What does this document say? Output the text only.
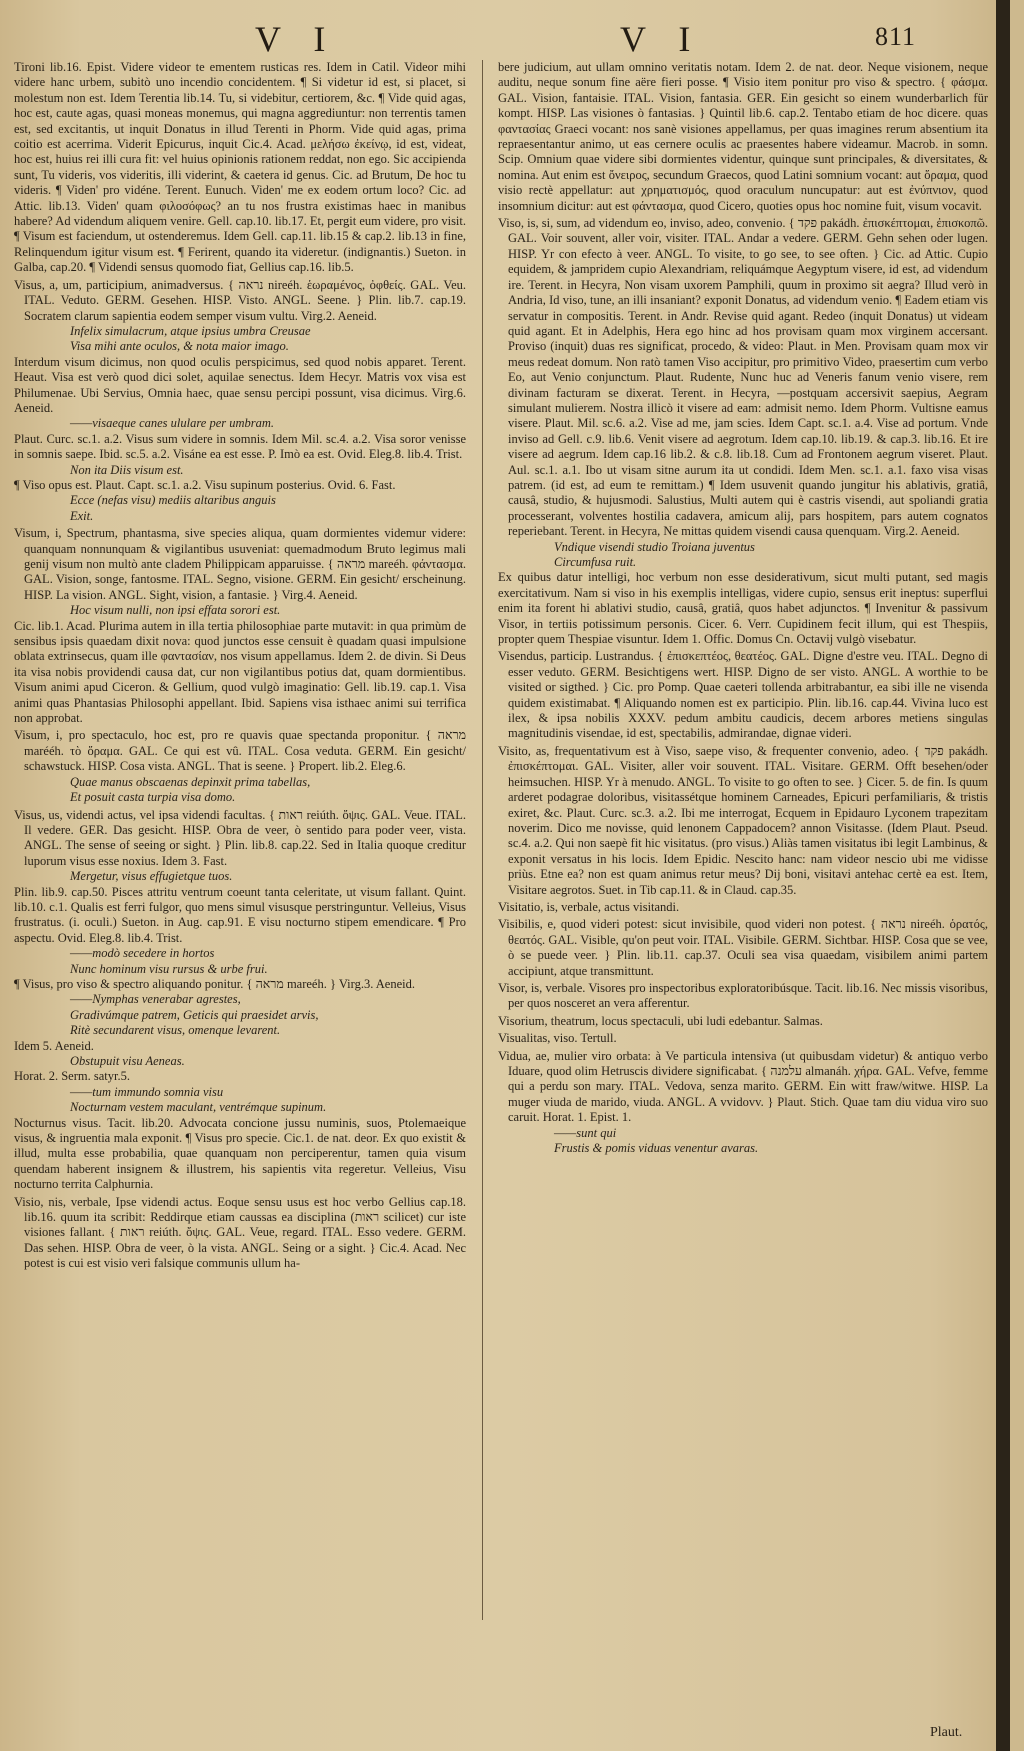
V I	V I	811

Tironi lib.16. Epist. Videre videor te ementem rusticas res. Idem in Catil. Videor mihi videre hanc urbem, subitò uno incendio concidentem. ¶ Si videtur id est, si placet, si molestum non est. Idem Terentia lib.14. Tu, si videbitur, certiorem, &c. ¶ Vide quid agas, hoc est, caute agas, quasi moneas monemus, qui magna aggrediuntur: non terrentis tamen est, sed excitantis, ut inquit Donatus in illud Terenti in Phorm. Vide quid agas, prima coitio est acerrima. Viderit Epicurus, inquit Cic.4. Acad. μελήσω ἐκείνῳ, id est, videat, hoc est, huius rei illi cura fit: vel huius opinionis rationem reddat, non ego. Sic accipienda sunt, Tu videris, vos videritis, illi viderint, & caetera id genus. Cic. ad Brutum, De hoc tu videris. ¶ Viden' pro vidéne. Terent. Eunuch. Viden' me ex eodem ortum loco? Cic. ad Attic. lib.13. Viden' quam φιλοσόφως? an tu nos frustra existimas haec in manibus habere? Ad videndum aliquem venire. Gell. cap.10. lib.17. Et, pergit eum videre, pro visit. ¶ Visum est faciendum, ut ostenderemus. Idem Gell. cap.11. lib.15 & cap.2. lib.13 in fine, Relinquendum igitur visum est. ¶ Ferirent, quando ita videretur. (indignantis.) Sueton. in Galba, cap.20. ¶ Videndi sensus quomodo fiat, Gellius cap.16. lib.5.

Visus, a, um, participium, animadversus. { נראה nireéh. ἑωραμένος, ὀφθείς. GAL. Veu. ITAL. Veduto. GERM. Gesehen. HISP. Visto. ANGL. Seene. } Plin. lib.7. cap.19. Socratem clarum sapientia eodem semper visum vultu. Virg.2. Aeneid.

Infelix simulacrum, atque ipsius umbra Creusae

Visa mihi ante oculos, & nota maior imago.

Interdum visum dicimus, non quod oculis perspicimus, sed quod nobis apparet. Terent. Heaut. Visa est verò quod dici solet, aquilae senectus. Idem Hecyr. Matris vox visa est Philumenae. Ubi Servius, Omnia haec, quae sensu percipi possunt, visa dicimus. Virg.6. Aeneid.

——visaeque canes ululare per umbram.

Plaut. Curc. sc.1. a.2. Visus sum videre in somnis. Idem Mil. sc.4. a.2. Visa soror venisse in somnis saepe. Ibid. sc.5. a.2. Visáne ea est esse. P. Imò ea est. Ovid. Eleg.8. lib.4. Trist.

Non ita Diis visum est.

¶ Viso opus est. Plaut. Capt. sc.1. a.2. Visu supinum posterius. Ovid. 6. Fast.

Ecce (nefas visu) mediis altaribus anguis

Exit.

Visum, i, Spectrum, phantasma, sive species aliqua, quam dormientes videmur videre: quanquam nonnunquam & vigilantibus usuveniat: quemadmodum Bruto legimus mali genij visum non multò ante cladem Philippicam apparuisse. { מראה mareéh. φάντασμα. GAL. Vision, songe, fantosme. ITAL. Segno, visione. GERM. Ein gesicht/ erscheinung. HISP. La vision. ANGL. Sight, vision, a fantasie. } Virg.4. Aeneid.

Hoc visum nulli, non ipsi effata sorori est.

Cic. lib.1. Acad. Plurima autem in illa tertia philosophiae parte mutavit: in qua primùm de sensibus ipsis quaedam dixit nova: quod junctos esse censuit è quadam quasi impulsione oblata extrinsecus, quam ille φαντασίαν, nos visum appellamus. Idem 2. de divin. Si Deus ita visa nobis providendi causa dat, cur non vigilantibus potius dat, quam dormientibus. Visum animi apud Ciceron. & Gellium, quod vulgò imaginatio: Gell. lib.19. cap.1. Visa animi quas Phantasias Philosophi appellant. Ibid. Sapiens visa isthaec animi sui terrifica non approbat.

Visum, i, pro spectaculo, hoc est, pro re quavis quae spectanda proponitur. { מראה marééh. τὸ ὅραμα. GAL. Ce qui est vû. ITAL. Cosa veduta. GERM. Ein gesicht/ schawstuck. HISP. Cosa vista. ANGL. That is seene. } Propert. lib.2. Eleg.6.

Quae manus obscaenas depinxit prima tabellas,

Et posuit casta turpia visa domo.

Visus, us, videndi actus, vel ipsa videndi facultas. { ראות reiúth. ὄψις. GAL. Veue. ITAL. Il vedere. GER. Das gesicht. HISP. Obra de veer, ò sentido para poder veer, vista. ANGL. The sense of seeing or sight. } Plin. lib.8. cap.22. Sed in Italia quoque creditur luporum visus esse noxius. Idem 3. Fast.

Mergetur, visus effugietque tuos.

Plin. lib.9. cap.50. Pisces attritu ventrum coeunt tanta celeritate, ut visum fallant. Quint. lib.10. c.1. Qualis est ferri fulgor, quo mens simul visusque perstringuntur. Velleius, Visus frustratus. (i. oculi.) Sueton. in Aug. cap.91. E visu nocturno stipem emendicare. ¶ Pro aspectu. Ovid. Eleg.8. lib.4. Trist.

——modò secedere in hortos

Nunc hominum visu rursus & urbe frui.

¶ Visus, pro viso & spectro aliquando ponitur. { מראה mareéh. } Virg.3. Aeneid.

——Nymphas venerabar agrestes,

Gradivúmque patrem, Geticis qui praesidet arvis,

Ritè secundarent visus, omenque levarent.

Idem 5. Aeneid.

Obstupuit visu Aeneas.

Horat. 2. Serm. satyr.5.

——tum immundo somnia visu

Nocturnam vestem maculant, ventrémque supinum.

Nocturnus visus. Tacit. lib.20. Advocata concione jussu numinis, suos, Ptolemaeique visus, & ingruentia mala exponit. ¶ Visus pro specie. Cic.1. de nat. deor. Ex quo existit & illud, multa esse probabilia, quae quanquam non perciperentur, tamen quia visum quendam haberent insignem & illustrem, his sapientis vita regeretur. Velleius, Visu nocturno territa Calphurnia.

Visio, nis, verbale, Ipse videndi actus. Eoque sensu usus est hoc verbo Gellius cap.18. lib.16. quum ita scribit: Reddirque etiam caussas ea disciplina (ראות scilicet) cur iste visiones fallant. { ראות reiúth. ὄψις. GAL. Veue, regard. ITAL. Esso vedere. GERM. Das sehen. HISP. Obra de veer, ò la vista. ANGL. Seing or a sight. } Cic.4. Acad. Nec potest is cui est visio veri falsique communis ullum ha-

bere judicium, aut ullam omnino veritatis notam. Idem 2. de nat. deor. Neque visionem, neque auditu, neque sonum fine aëre fieri posse. ¶ Visio item ponitur pro viso & spectro. { φάσμα. GAL. Vision, fantaisie. ITAL. Vision, fantasia. GER. Ein gesicht so einem wunderbarlich für kompt. HISP. Las visiones ò fantasias. } Quintil lib.6. cap.2. Tentabo etiam de hoc dicere. quas φαντασίας Graeci vocant: nos sanè visiones appellamus, per quas imagines rerum absentium ita repraesentantur animo, ut eas cernere oculis ac praesentes habere videamur. Macrob. in somn. Scip. Omnium quae videre sibi dormientes videntur, quinque sunt principales, & diversitates, & nomina. Aut enim est ὄνειρος, secundum Graecos, quod Latini somnium vocant: aut ὅραμα, quod visio rectè appellatur: aut χρηματισμός, quod oraculum nuncupatur: aut est ἐνύπνιον, quod insomnium dicitur: aut est φάντασμα, quod Cicero, quoties opus hoc nomine fuit, visum vocavit.

Viso, is, si, sum, ad videndum eo, inviso, adeo, convenio. { פקד pakádh. ἐπισκέπτομαι, ἐπισκοπῶ. GAL. Voir souvent, aller voir, visiter. ITAL. Andar a vedere. GERM. Gehn sehen oder lugen. HISP. Yr con efecto à veer. ANGL. To visite, to go see, to see often. } Cic. ad Attic. Cupio equidem, & jampridem cupio Alexandriam, reliquámque Aegyptum visere, id est, ad videndum ire. Terent. in Hecyra, Non visam uxorem Pamphili, quum in proximo sit aegra? Illud verò in Andria, Id viso, tune, an illi insaniant? exponit Donatus, ad videndum venio. ¶ Eadem etiam vis servatur in compositis. Terent. in Andr. Revise quid agant. Redeo (inquit Donatus) ut videam quid agant. Et in Adelphis, Hera ego hinc ad hos provisam quam mox virginem accersant. Proviso (inquit) duas res significat, procedo, & video: Plaut. in Men. Provisam quam mox vir meus redeat domum. Non ratò tamen Viso accipitur, pro primitivo Video, praesertim cum verbo Eo, aut Venio conjunctum. Plaut. Rudente, Nunc huc ad Veneris fanum venio visere, rem divinam facturam se dixerat. Terent. in Hecyra, —postquam accersivit saepius, Aegram simulant mulierem. Nostra illicò it visere ad eam: admisit nemo. Idem Phorm. Vultisne eamus visere. Plaut. Mil. sc.6. a.2. Vise ad me, jam scies. Idem Capt. sc.1. a.4. Vise ad portum. Vnde inviso ad Gell. c.9. lib.6. Venit visere ad aegrotum. Idem cap.10. lib.19. & cap.3. lib.16. Et ire visere ad aegrum. Idem cap.16 lib.2. & c.8. lib.18. Cum ad Frontonem aegrum viseret. Plaut. Aul. sc.1. a.1. Ibo ut visam sitne aurum ita ut condidi. Idem Men. sc.1. a.1. faxo visa visas patrem. (id est, ad eum te remittam.) ¶ Idem usuvenit quando jungitur his ablativis, gratiâ, causâ, studio, & hujusmodi. Salustius, Multi autem qui è castris visendi, aut spoliandi gratia processerant, volventes hostilia cadavera, amicum alij, pars hospitem, pars autem cognatos reperiebant. Terent. in Hecyra, Ne mittas quidem visendi causa quenquam. Virg.2. Aeneid.

Vndique visendi studio Troiana juventus

Circumfusa ruit.

Ex quibus datur intelligi, hoc verbum non esse desiderativum, sicut multi putant, sed magis exercitativum. Nam si viso in his exemplis intelligas, videre cupio, sensus erit ineptus: superflui enim ita forent hi ablativi studio, causâ, gratiâ, quos habet adjunctos. ¶ Invenitur & passivum Visor, in tertiis potissimum personis. Cicer. 6. Verr. Cupidinem fecit illum, qui est Thespiis, propter quem Thespiae visuntur. Idem 1. Offic. Domus Cn. Octavij vulgò visebatur.

Visendus, particip. Lustrandus. { ἐπισκεπτέος, θεατέος. GAL. Digne d'estre veu. ITAL. Degno di esser veduto. GERM. Besichtigens wert. HISP. Digno de ser visto. ANGL. A worthie to be visited or sigthed. } Cic. pro Pomp. Quae caeteri tollenda arbitrabantur, ea sibi ille ne visenda quidem existimabat. ¶ Aliquando nomen est ex participio. Plin. lib.16. cap.44. Vivina luco est ilex, & ipsa nobilis XXXV. pedum ambitu caudicis, decem arbores metiens singulas magnitudinis visendae, id est, spectabilis, admirandae, dignae videri.

Visito, as, frequentativum est à Viso, saepe viso, & frequenter convenio, adeo. { פקד pakádh. ἐπισκέπτομαι. GAL. Visiter, aller voir souvent. ITAL. Visitare. GERM. Offt besehen/oder heimsuchen. HISP. Yr à menudo. ANGL. To visite to go often to see. } Cicer. 5. de fin. Is quum arderet podagrae doloribus, visitassétque hominem Carneades, Epicuri perfamiliaris, & tristis exiret, &c. Plaut. Curc. sc.3. a.2. Ibi me interrogat, Ecquem in Epidauro Lyconem trapezitam noverim. Dico me novisse, quid lenonem Cappadocem? annon Visitasse. (Idem Plaut. Pseud. sc.4. a.2. Qui non saepè fit hic visitatus. (pro visus.) Aliàs tamen visitatus ibi legit Lambinus, & exponit versatus in his locis. Idem Epidic. Nescito hanc: nam videor nescio ubi me vidisse priùs. Etne ea? non est quam animus retur meus? Dij boni, visitavi antehac certè ea est. Item, Visitare aegrotos. Suet. in Tib cap.11. & in Claud. cap.35.

Visitatio, is, verbale, actus visitandi.

Visibilis, e, quod videri potest: sicut invisibile, quod videri non potest. { נראה nireéh. ὁρατός, θεατός. GAL. Visible, qu'on peut voir. ITAL. Visibile. GERM. Sichtbar. HISP. Cosa que se vee, ò se puede veer. } Plin. lib.11. cap.37. Oculi sea visa quaedam, visibilem animi partem accipiunt, atque transmittunt.

Visor, is, verbale. Visores pro inspectoribus exploratoribúsque. Tacit. lib.16. Nec missis visoribus, per quos nosceret an vera afferentur.

Visorium, theatrum, locus spectaculi, ubi ludi edebantur. Salmas.

Visualitas, viso. Tertull.

Vidua, ae, mulier viro orbata: à Ve particula intensiva (ut quibusdam videtur) & antiquo verbo Iduare, quod olim Hetruscis dividere significabat. { עלמנה almanáh. χήρα. GAL. Vefve, femme qui a perdu son mary. ITAL. Vedova, senza marito. GERM. Ein witt fraw/witwe. HISP. La muger viuda de marido, viuda. ANGL. A vvidovv. } Plaut. Stich. Quae tam diu vidua viro suo caruit. Horat. 1. Epist. 1.

——sunt qui

Frustis & pomis viduas venentur avaras.

Plaut.
